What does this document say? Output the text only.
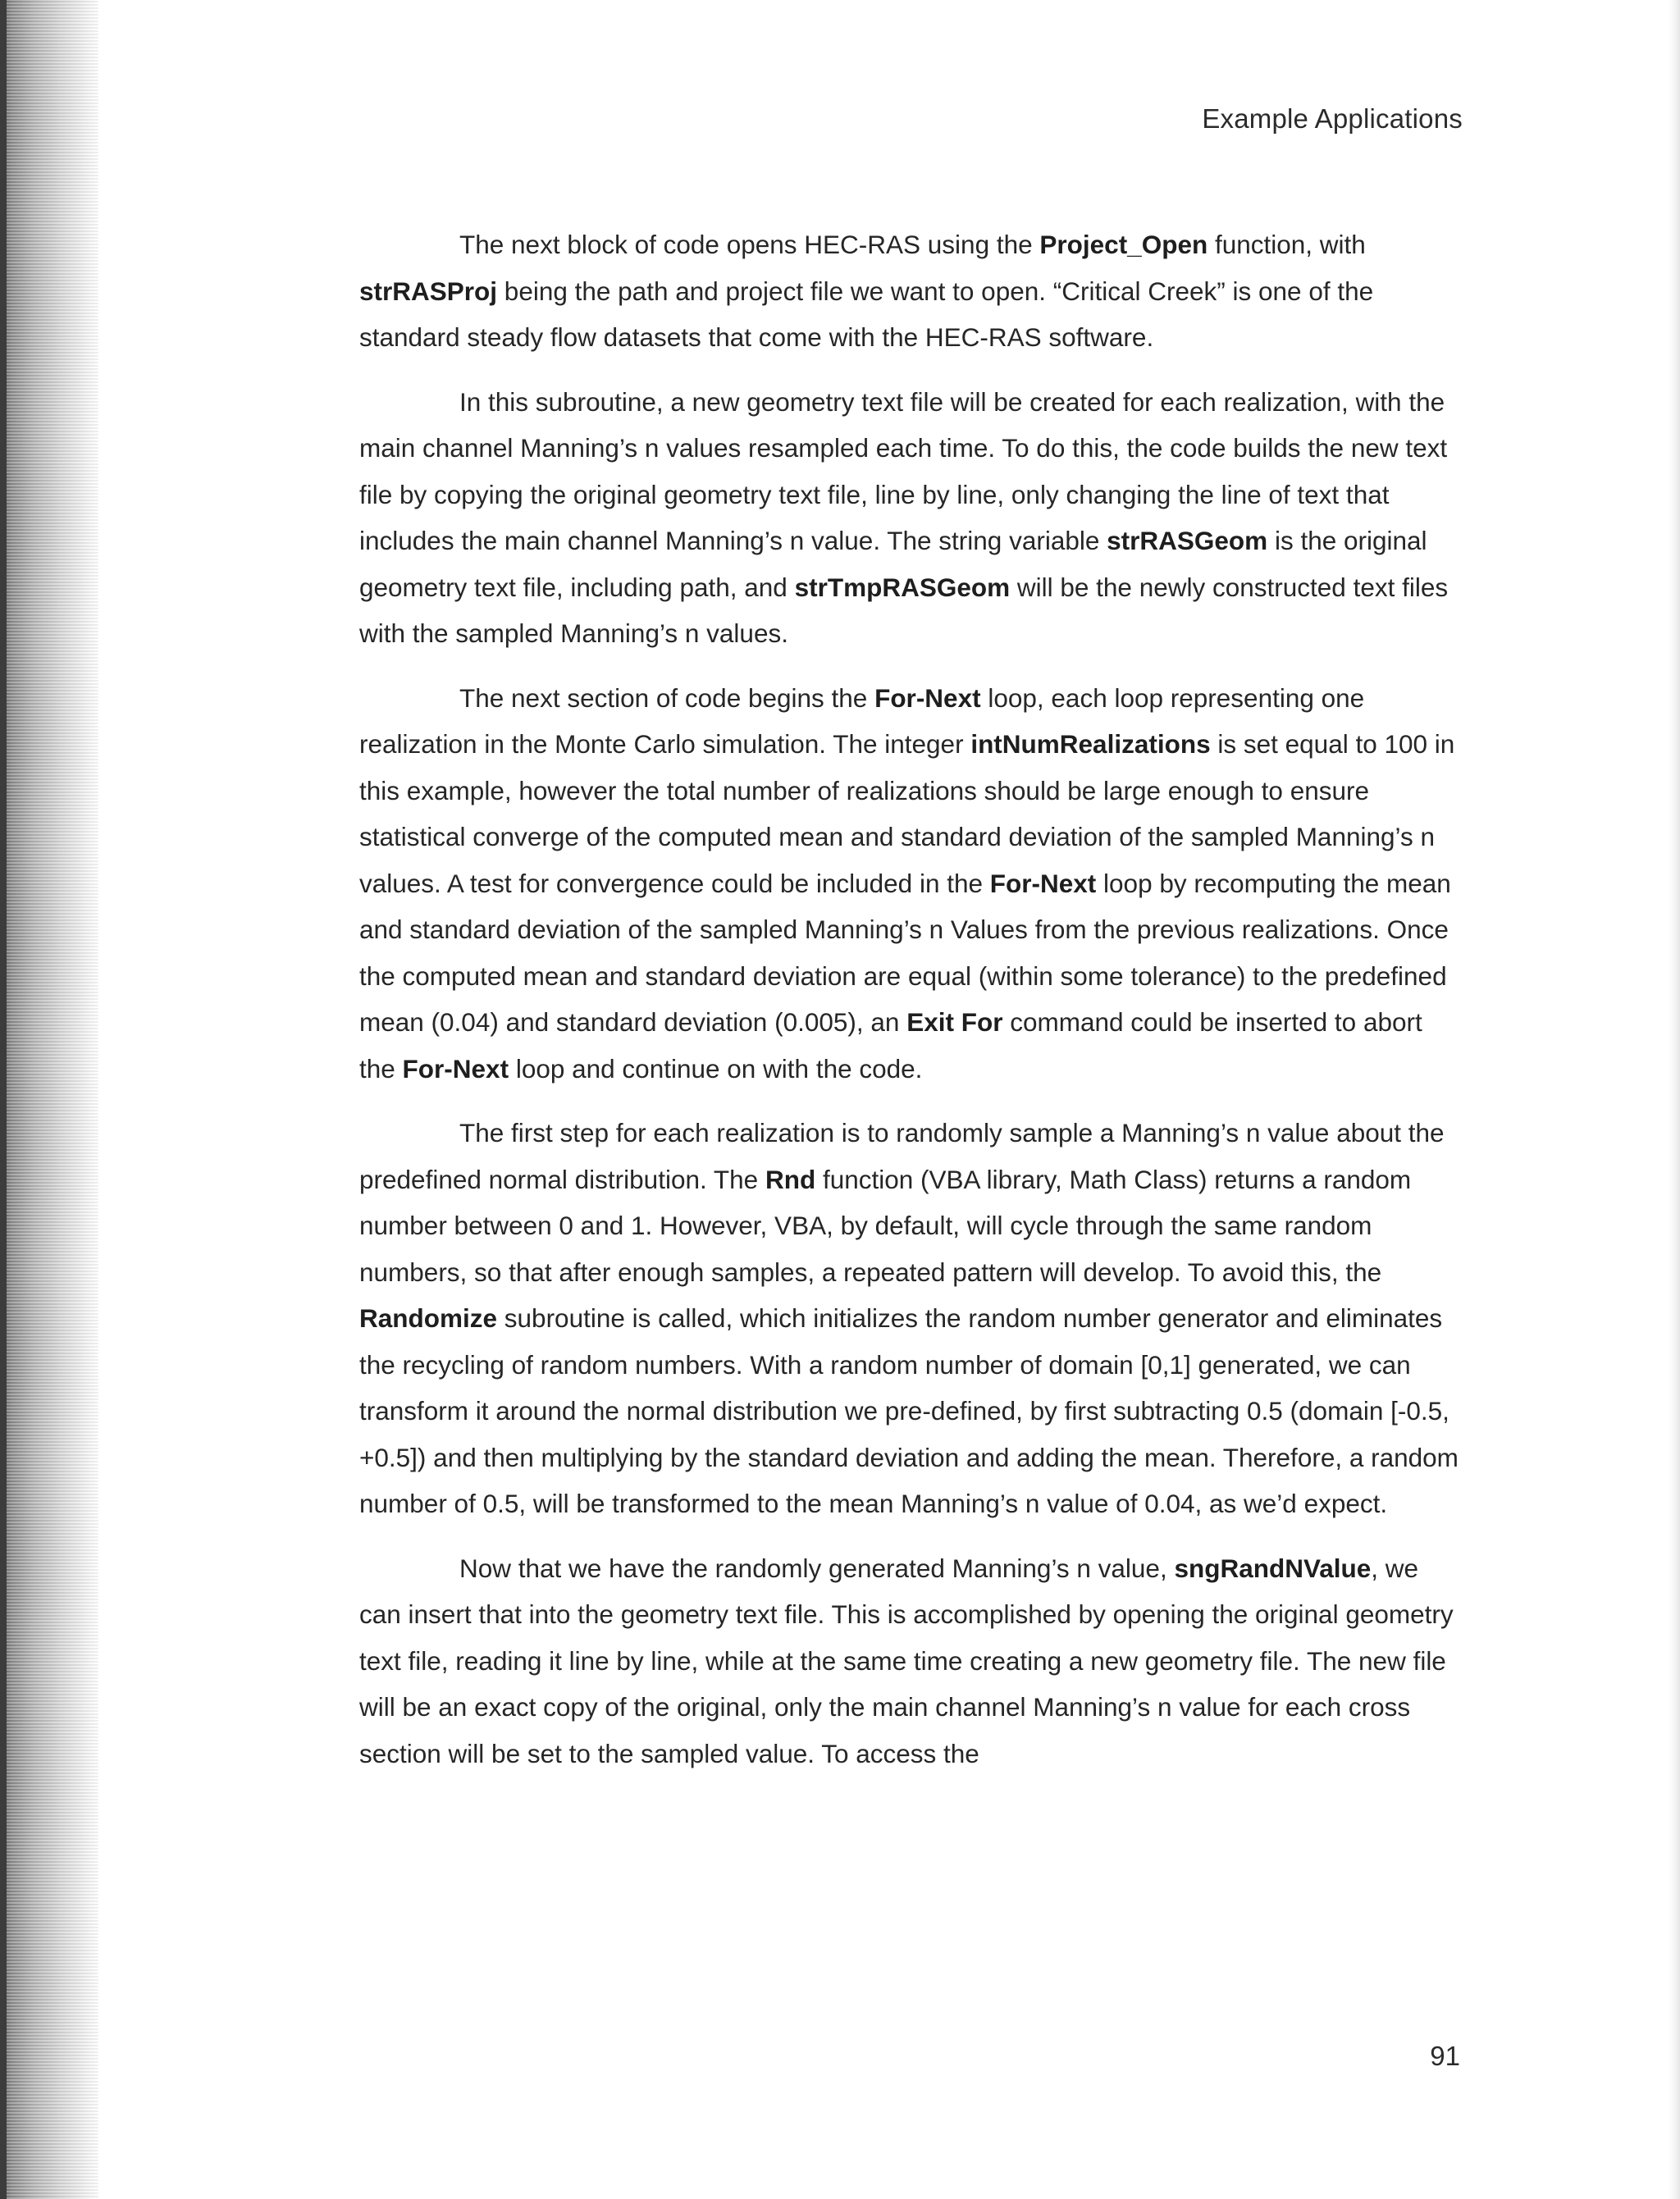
Example Applications

The next block of code opens HEC-RAS using the Project_Open function, with strRASProj being the path and project file we want to open. “Critical Creek” is one of the standard steady flow datasets that come with the HEC-RAS software.

In this subroutine, a new geometry text file will be created for each realization, with the main channel Manning’s n values resampled each time. To do this, the code builds the new text file by copying the original geometry text file, line by line, only changing the line of text that includes the main channel Manning’s n value. The string variable strRASGeom is the original geometry text file, including path, and strTmpRASGeom will be the newly constructed text files with the sampled Manning’s n values.

The next section of code begins the For-Next loop, each loop representing one realization in the Monte Carlo simulation. The integer intNumRealizations is set equal to 100 in this example, however the total number of realizations should be large enough to ensure statistical converge of the computed mean and standard deviation of the sampled Manning’s n values. A test for convergence could be included in the For-Next loop by recomputing the mean and standard deviation of the sampled Manning’s n Values from the previous realizations. Once the computed mean and standard deviation are equal (within some tolerance) to the predefined mean (0.04) and standard deviation (0.005), an Exit For command could be inserted to abort the For-Next loop and continue on with the code.

The first step for each realization is to randomly sample a Manning’s n value about the predefined normal distribution. The Rnd function (VBA library, Math Class) returns a random number between 0 and 1. However, VBA, by default, will cycle through the same random numbers, so that after enough samples, a repeated pattern will develop. To avoid this, the Randomize subroutine is called, which initializes the random number generator and eliminates the recycling of random numbers. With a random number of domain [0,1] generated, we can transform it around the normal distribution we pre-defined, by first subtracting 0.5 (domain [-0.5, +0.5]) and then multiplying by the standard deviation and adding the mean. Therefore, a random number of 0.5, will be transformed to the mean Manning’s n value of 0.04, as we’d expect.

Now that we have the randomly generated Manning’s n value, sngRandNValue, we can insert that into the geometry text file. This is accomplished by opening the original geometry text file, reading it line by line, while at the same time creating a new geometry file. The new file will be an exact copy of the original, only the main channel Manning’s n value for each cross section will be set to the sampled value. To access the

91
